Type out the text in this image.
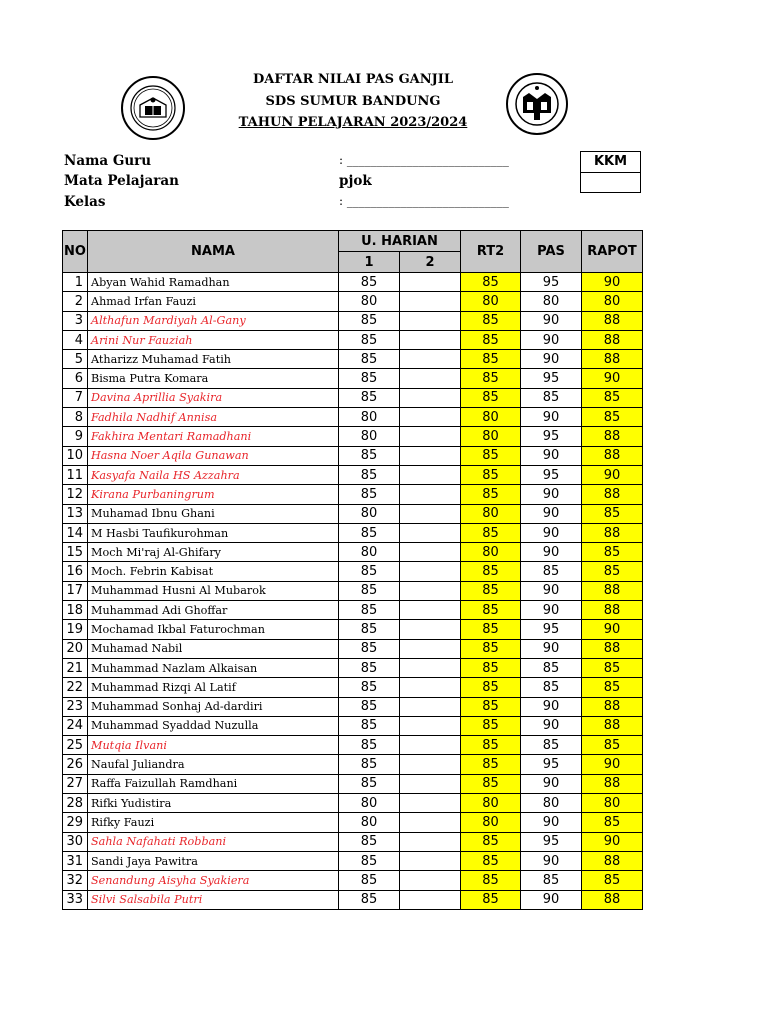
DAFTAR NILAI PAS GANJIL
SDS SUMUR BANDUNG
TAHUN PELAJARAN 2023/2024
Nama Guru	: ___________________________
Mata Pelajaran	pjok
Kelas	: ___________________________
KKM
NO	NAMA	U. HARIAN		RT2	PAS	RAPOT
		1	2			
1	Abyan Wahid Ramadhan	85		85	95	90
2	Ahmad Irfan Fauzi	80		80	80	80
3	Althafun Mardiyah Al-Gany	85		85	90	88
4	Arini Nur Fauziah	85		85	90	88
5	Atharizz Muhamad Fatih	85		85	90	88
6	Bisma Putra Komara	85		85	95	90
7	Davina Aprillia Syakira	85		85	85	85
8	Fadhila Nadhif Annisa	80		80	90	85
9	Fakhira Mentari Ramadhani	80		80	95	88
10	Hasna Noer Aqila Gunawan	85		85	90	88
11	Kasyafa Naila HS Azzahra	85		85	95	90
12	Kirana Purbaningrum	85		85	90	88
13	Muhamad Ibnu Ghani	80		80	90	85
14	M Hasbi Taufikurohman	85		85	90	88
15	Moch Mi'raj Al-Ghifary	80		80	90	85
16	Moch. Febrin Kabisat	85		85	85	85
17	Muhammad Husni Al Mubarok	85		85	90	88
18	Muhammad Adi Ghoffar	85		85	90	88
19	Mochamad Ikbal Faturochman	85		85	95	90
20	Muhamad Nabil	85		85	90	88
21	Muhammad Nazlam Alkaisan	85		85	85	85
22	Muhammad Rizqi Al Latif	85		85	85	85
23	Muhammad Sonhaj Ad-dardiri	85		85	90	88
24	Muhammad Syaddad Nuzulla	85		85	90	88
25	Mutqia Ilvani	85		85	85	85
26	Naufal Juliandra	85		85	95	90
27	Raffa Faizullah Ramdhani	85		85	90	88
28	Rifki Yudistira	80		80	80	80
29	Rifky Fauzi	80		80	90	85
30	Sahla Nafahati Robbani	85		85	95	90
31	Sandi Jaya Pawitra	85		85	90	88
32	Senandung Aisyha Syakiera	85		85	85	85
33	Silvi Salsabila Putri	85		85	90	88
